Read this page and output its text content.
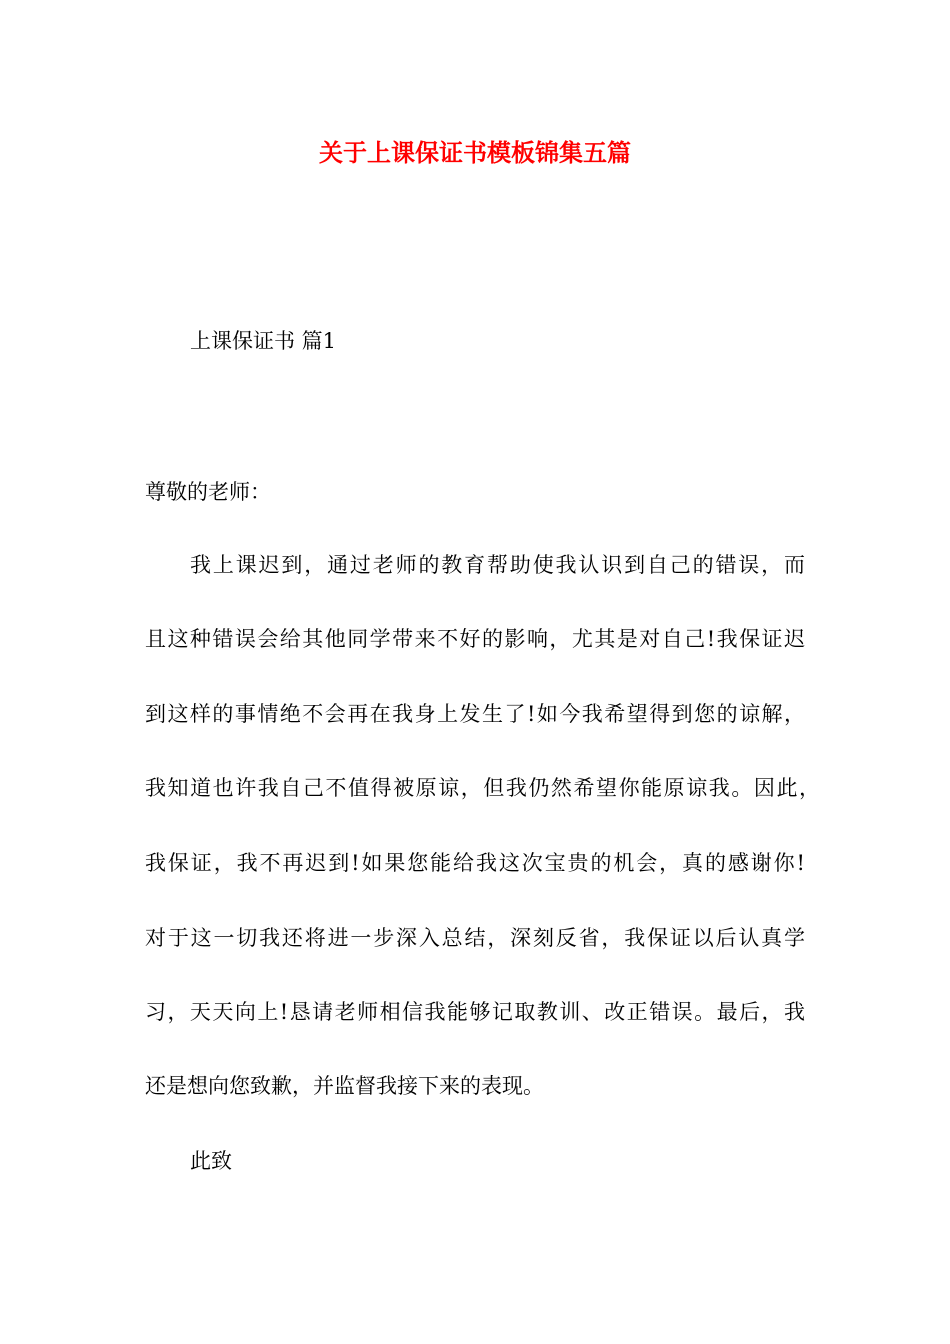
关于上课保证书模板锦集五篇

上课保证书 篇1

尊敬的老师：

我上课迟到，通过老师的教育帮助使我认识到自己的错误，而

且这种错误会给其他同学带来不好的影响，尤其是对自己!我保证迟

到这样的事情绝不会再在我身上发生了!如今我希望得到您的谅解，

我知道也许我自己不值得被原谅，但我仍然希望你能原谅我。因此，

我保证，我不再迟到!如果您能给我这次宝贵的机会，真的感谢你!

对于这一切我还将进一步深入总结，深刻反省，我保证以后认真学

习，天天向上!恳请老师相信我能够记取教训、改正错误。最后，我

还是想向您致歉，并监督我接下来的表现。

此致
